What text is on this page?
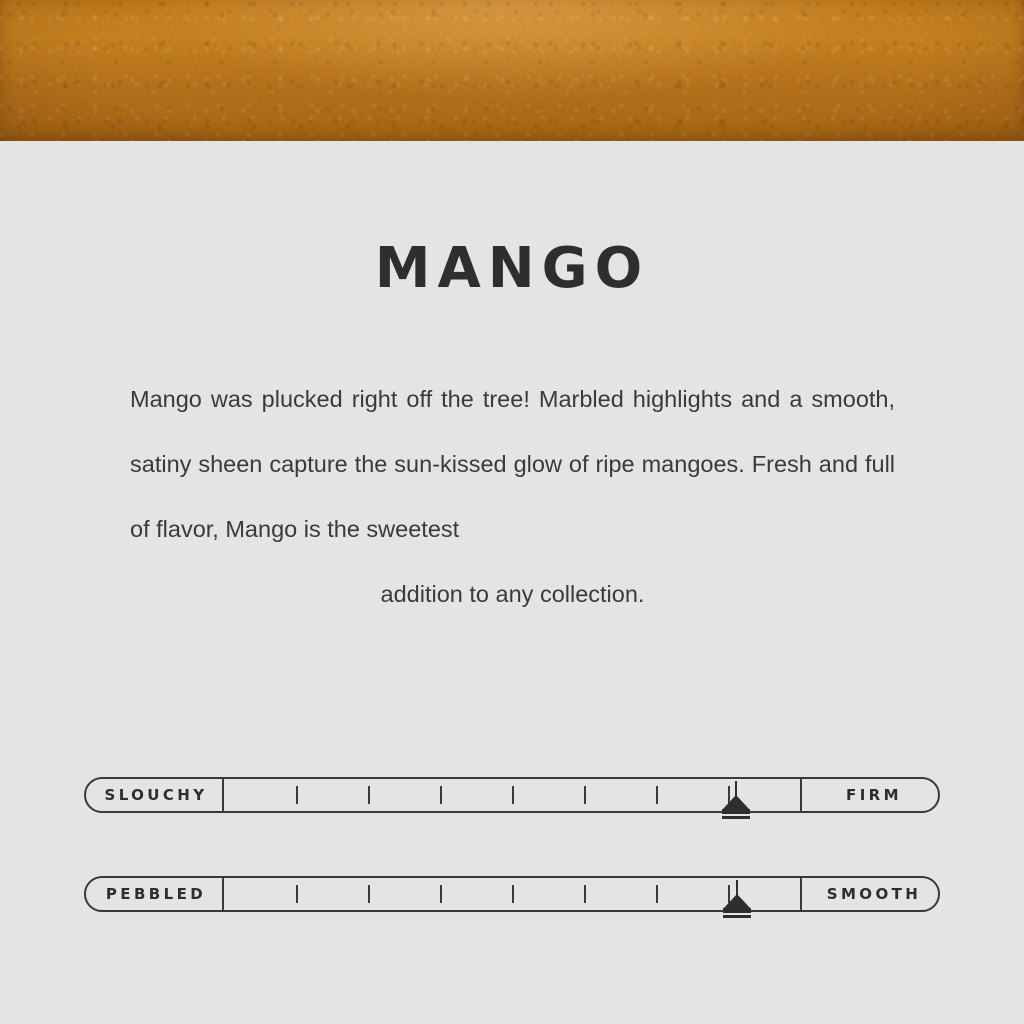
MANGO
Mango was plucked right off the tree! Marbled highlights and a smooth, satiny sheen capture the sun-kissed glow of ripe mangoes. Fresh and full of flavor, Mango is the sweetest
addition to any collection.
SLOUCHY	FIRM
PEBBLED	SMOOTH
